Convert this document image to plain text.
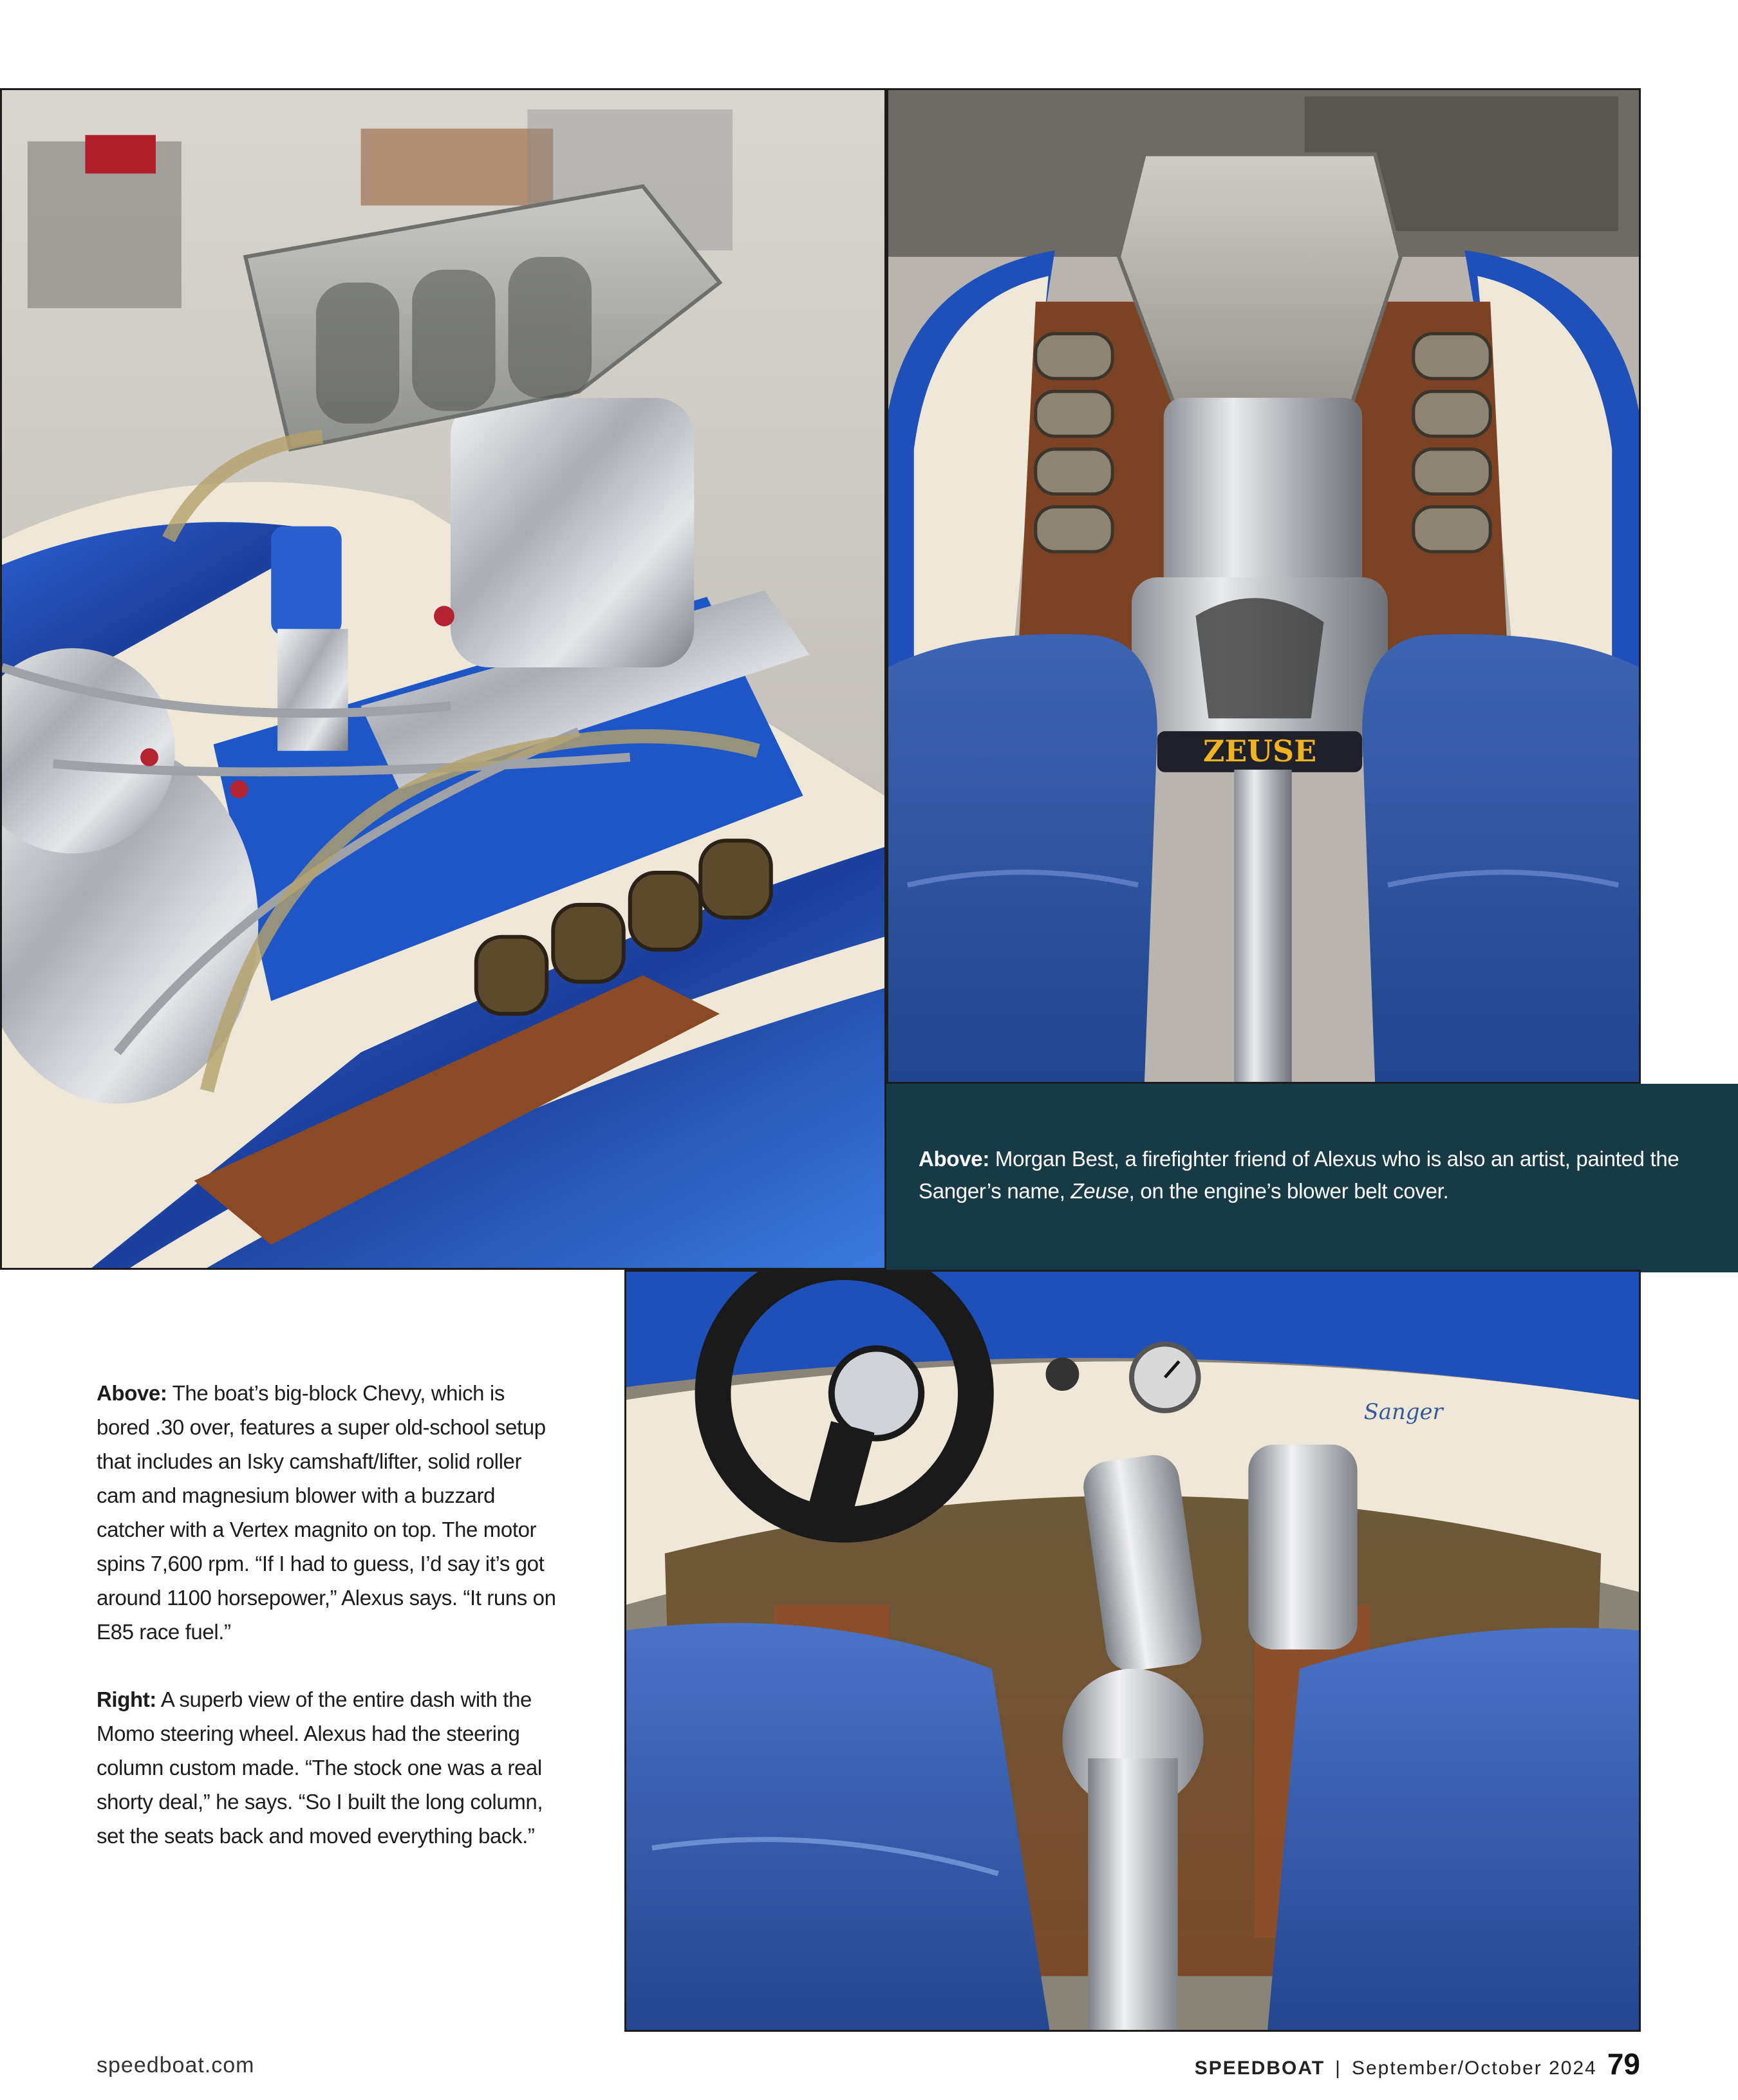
ZEUSE
Above: Morgan Best, a firefighter friend of Alexus who is also an artist, painted the Sanger’s name, Zeuse, on the engine’s blower belt cover.
Sanger

Above: The boat’s big-block Chevy, which is bored .30 over, features a super old-school setup that includes an Isky camshaft/lifter, solid roller cam and magnesium blower with a buzzard catcher with a Vertex magnito on top. The motor spins 7,600 rpm. “If I had to guess, I’d say it’s got around 1100 horsepower,” Alexus says. “It runs on E85 race fuel.”

Right: A superb view of the entire dash with the Momo steering wheel. Alexus had the steering column custom made. “The stock one was a real shorty deal,” he says. “So I built the long column, set the seats back and moved everything back.”

speedboat.com	SPEEDBOAT | September/October 2024 79
